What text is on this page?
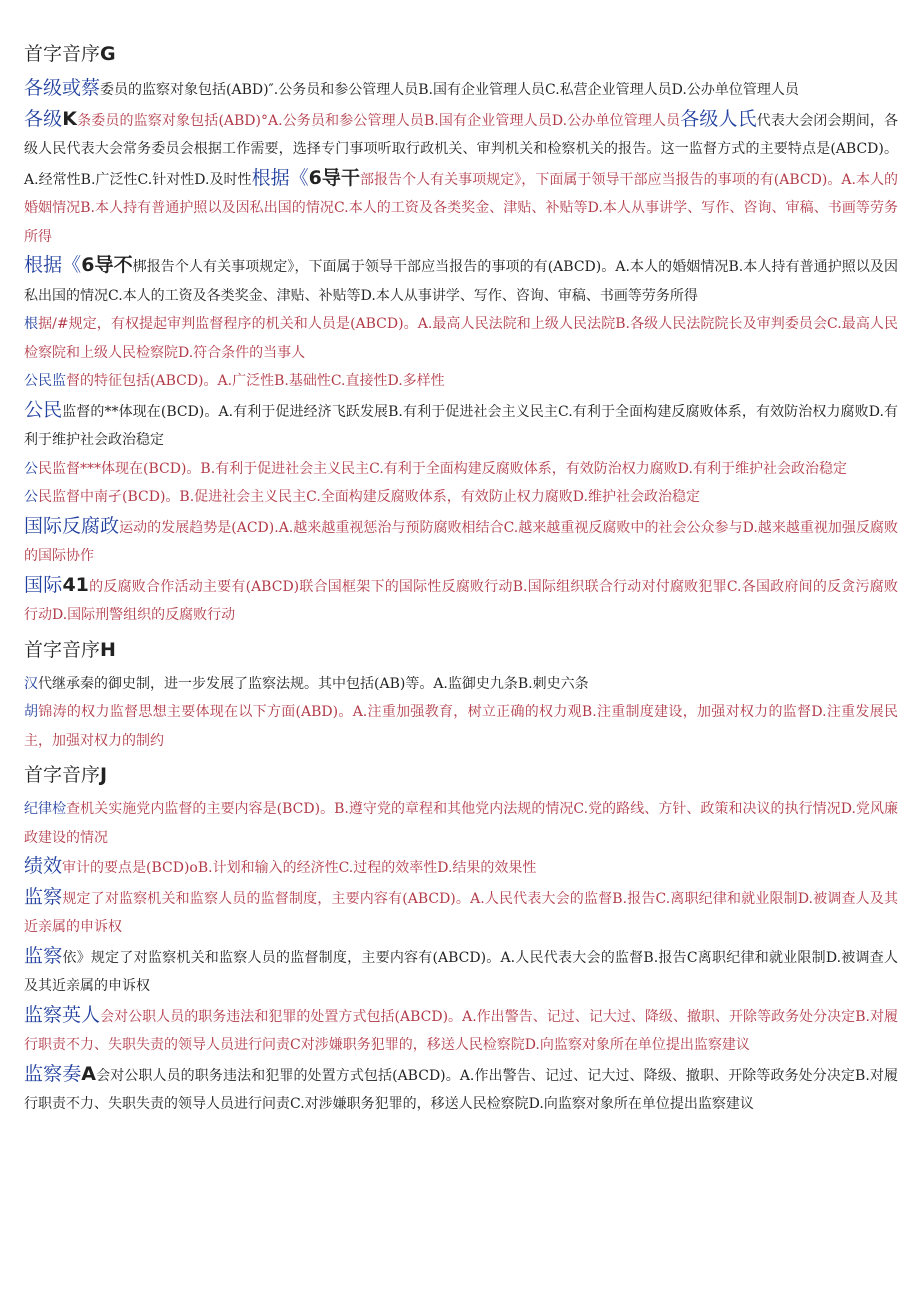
首字音序G

各级或蔡委员的监察对象包括(ABD)″.公务员和参公管理人员B.国有企业管理人员C.私营企业管理人员D.公办单位管理人员

各级K条委员的监察对象包括(ABD)°A.公务员和参公管理人员B.国有企业管理人员D.公办单位管理人员各级人氏代表大会闭会期间，各级人民代表大会常务委员会根据工作需要，选择专门事项听取行政机关、审判机关和检察机关的报告。这一监督方式的主要特点是(ABCD)。A.经常性B.广泛性C.针对性D.及时性根据《6导干部报告个人有关事项规定》，下面属于领导干部应当报告的事项的有(ABCD)。A.本人的婚姻情况B.本人持有普通护照以及因私出国的情况C.本人的工资及各类奖金、津贴、补贴等D.本人从事讲学、写作、咨询、审稿、书画等劳务所得

根据《6导不梆报告个人有关事项规定》，下面属于领导干部应当报告的事项的有(ABCD)。A.本人的婚姻情况B.本人持有普通护照以及因私出国的情况C.本人的工资及各类奖金、津贴、补贴等D.本人从事讲学、写作、咨询、审稿、书画等劳务所得

根据/#规定，有权提起审判监督程序的机关和人员是(ABCD)。A.最高人民法院和上级人民法院B.各级人民法院院长及审判委员会C.最高人民检察院和上级人民检察院D.符合条件的当事人

公民监督的特征包括(ABCD)。A.广泛性B.基础性C.直接性D.多样性

公民监督的**体现在(BCD)。A.有利于促进经济飞跃发展B.有利于促进社会主义民主C.有利于全面构建反腐败体系，有效防治权力腐败D.有利于维护社会政治稳定

公民监督***体现在(BCD)。B.有利于促进社会主义民主C.有利于全面构建反腐败体系，有效防治权力腐败D.有利于维护社会政治稳定

公民监督中南孑(BCD)。B.促进社会主义民主C.全面构建反腐败体系，有效防止权力腐败D.维护社会政治稳定

国际反腐政运动的发展趋势是(ACD).A.越来越重视惩治与预防腐败相结合C.越来越重视反腐败中的社会公众参与D.越来越重视加强反腐败的国际协作

国际41的反腐败合作活动主要有(ABCD)联合国框架下的国际性反腐败行动B.国际组织联合行动对付腐败犯罪C.各国政府间的反贪污腐败行动D.国际刑警组织的反腐败行动

首字音序H

汉代继承秦的御史制，进一步发展了监察法规。其中包括(AB)等。A.监御史九条B.刺史六条

胡锦涛的权力监督思想主要体现在以下方面(ABD)。A.注重加强教育，树立正确的权力观B.注重制度建设，加强对权力的监督D.注重发展民主，加强对权力的制约

首字音序J

纪律检查机关实施党内监督的主要内容是(BCD)。B.遵守党的章程和其他党内法规的情况C.党的路线、方针、政策和决议的执行情况D.党风廉政建设的情况

绩效审计的要点是(BCD)oB.计划和输入的经济性C.过程的效率性D.结果的效果性

监察规定了对监察机关和监察人员的监督制度，主要内容有(ABCD)。A.人民代表大会的监督B.报告C.离职纪律和就业限制D.被调查人及其近亲属的申诉权

监察依》规定了对监察机关和监察人员的监督制度，主要内容有(ABCD)。A.人民代表大会的监督B.报告C离职纪律和就业限制D.被调查人及其近亲属的申诉权

监察英人会对公职人员的职务违法和犯罪的处置方式包括(ABCD)。A.作出警告、记过、记大过、降级、撤职、开除等政务处分决定B.对履行职责不力、失职失责的领导人员进行问责C对涉嫌职务犯罪的，移送人民检察院D.向监察对象所在单位提出监察建议

监察奏A会对公职人员的职务违法和犯罪的处置方式包括(ABCD)。A.作出警告、记过、记大过、降级、撤职、开除等政务处分决定B.对履行职责不力、失职失责的领导人员进行问责C.对涉嫌职务犯罪的，移送人民检察院D.向监察对象所在单位提出监察建议
